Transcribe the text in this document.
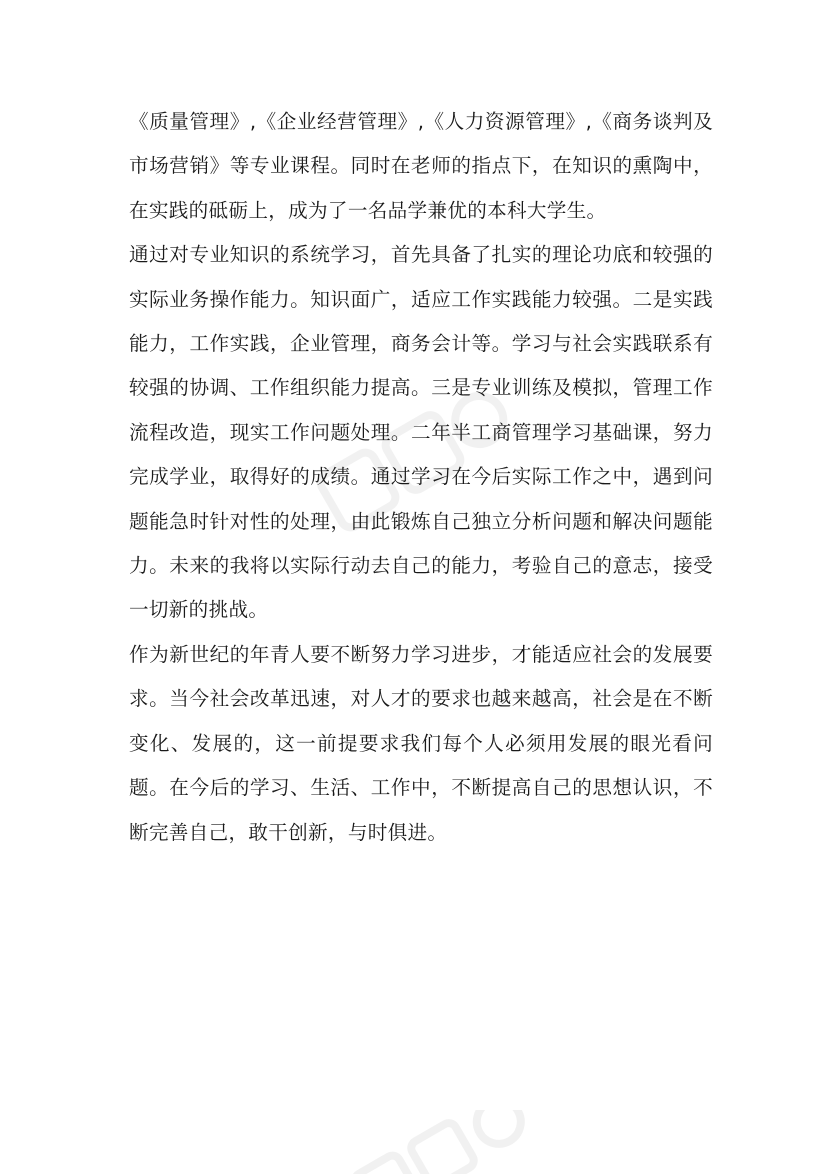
《质量管理》,《企业经营管理》,《人力资源管理》,《商务谈判及市场营销》等专业课程。同时在老师的指点下，在知识的熏陶中，在实践的砥砺上，成为了一名品学兼优的本科大学生。

通过对专业知识的系统学习，首先具备了扎实的理论功底和较强的实际业务操作能力。知识面广，适应工作实践能力较强。二是实践能力，工作实践，企业管理，商务会计等。学习与社会实践联系有较强的协调、工作组织能力提高。三是专业训练及模拟，管理工作流程改造，现实工作问题处理。二年半工商管理学习基础课，努力完成学业，取得好的成绩。通过学习在今后实际工作之中，遇到问题能急时针对性的处理，由此锻炼自己独立分析问题和解决问题能力。未来的我将以实际行动去自己的能力，考验自己的意志，接受一切新的挑战。

作为新世纪的年青人要不断努力学习进步，才能适应社会的发展要求。当今社会改革迅速，对人才的要求也越来越高，社会是在不断变化、发展的，这一前提要求我们每个人必须用发展的眼光看问题。在今后的学习、生活、工作中，不断提高自己的思想认识，不断完善自己，敢干创新，与时俱进。
